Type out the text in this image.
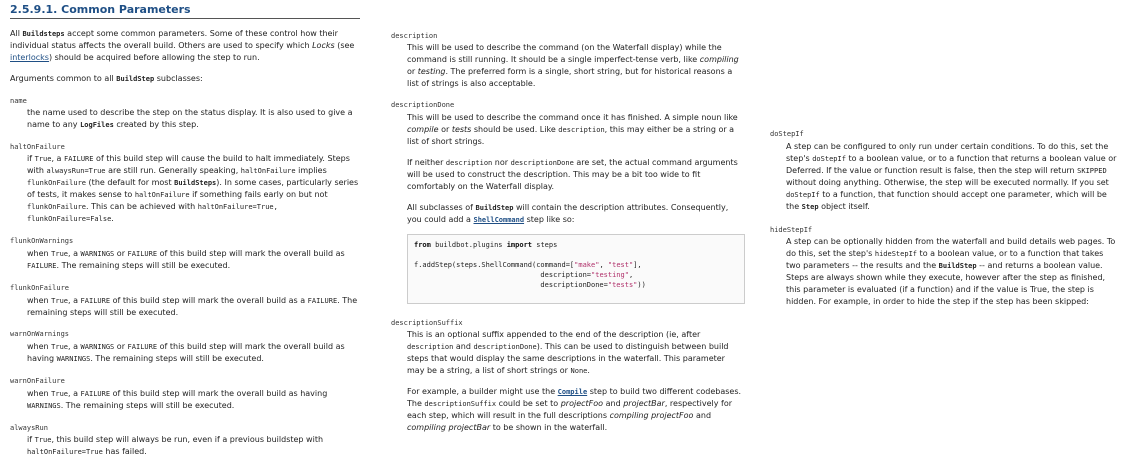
2.5.9.1. Common Parameters
All Buildsteps accept some common parameters. Some of these control how their individual status affects the overall build. Others are used to specify which Locks (see interlocks) should be acquired before allowing the step to run.
Arguments common to all BuildStep subclasses:
name
the name used to describe the step on the status display. It is also used to give a name to any LogFiles created by this step.
haltOnFailure
if True, a FAILURE of this build step will cause the build to halt immediately. Steps with alwaysRun=True are still run. Generally speaking, haltOnFailure implies flunkOnFailure (the default for most BuildSteps). In some cases, particularly series of tests, it makes sense to haltOnFailure if something fails early on but not flunkOnFailure. This can be achieved with haltOnFailure=True, flunkOnFailure=False.
flunkOnWarnings
when True, a WARNINGS or FAILURE of this build step will mark the overall build as FAILURE. The remaining steps will still be executed.
flunkOnFailure
when True, a FAILURE of this build step will mark the overall build as a FAILURE. The remaining steps will still be executed.
warnOnWarnings
when True, a WARNINGS or FAILURE of this build step will mark the overall build as having WARNINGS. The remaining steps will still be executed.
warnOnFailure
when True, a FAILURE of this build step will mark the overall build as having WARNINGS. The remaining steps will still be executed.
alwaysRun
if True, this build step will always be run, even if a previous buildstep with haltOnFailure=True has failed.
description
This will be used to describe the command (on the Waterfall display) while the command is still running. It should be a single imperfect-tense verb, like compiling or testing. The preferred form is a single, short string, but for historical reasons a list of strings is also acceptable.
descriptionDone
This will be used to describe the command once it has finished. A simple noun like compile or tests should be used. Like description, this may either be a string or a list of short strings.
If neither description nor descriptionDone are set, the actual command arguments will be used to construct the description. This may be a bit too wide to fit comfortably on the Waterfall display.
All subclasses of BuildStep will contain the description attributes. Consequently, you could add a ShellCommand step like so:
from buildbot.plugins import steps

f.addStep(steps.ShellCommand(command=["make", "test"],
description="testing",
descriptionDone="tests"))
descriptionSuffix
This is an optional suffix appended to the end of the description (ie, after description and descriptionDone). This can be used to distinguish between build steps that would display the same descriptions in the waterfall. This parameter may be a string, a list of short strings or None.
For example, a builder might use the Compile step to build two different codebases. The descriptionSuffix could be set to projectFoo and projectBar, respectively for each step, which will result in the full descriptions compiling projectFoo and compiling projectBar to be shown in the waterfall.
doStepIf
A step can be configured to only run under certain conditions. To do this, set the step's doStepIf to a boolean value, or to a function that returns a boolean value or Deferred. If the value or function result is false, then the step will return SKIPPED without doing anything. Otherwise, the step will be executed normally. If you set doStepIf to a function, that function should accept one parameter, which will be the Step object itself.
hideStepIf
A step can be optionally hidden from the waterfall and build details web pages. To do this, set the step's hideStepIf to a boolean value, or to a function that takes two parameters -- the results and the BuildStep -- and returns a boolean value. Steps are always shown while they execute, however after the step as finished, this parameter is evaluated (if a function) and if the value is True, the step is hidden. For example, in order to hide the step if the step has been skipped:
